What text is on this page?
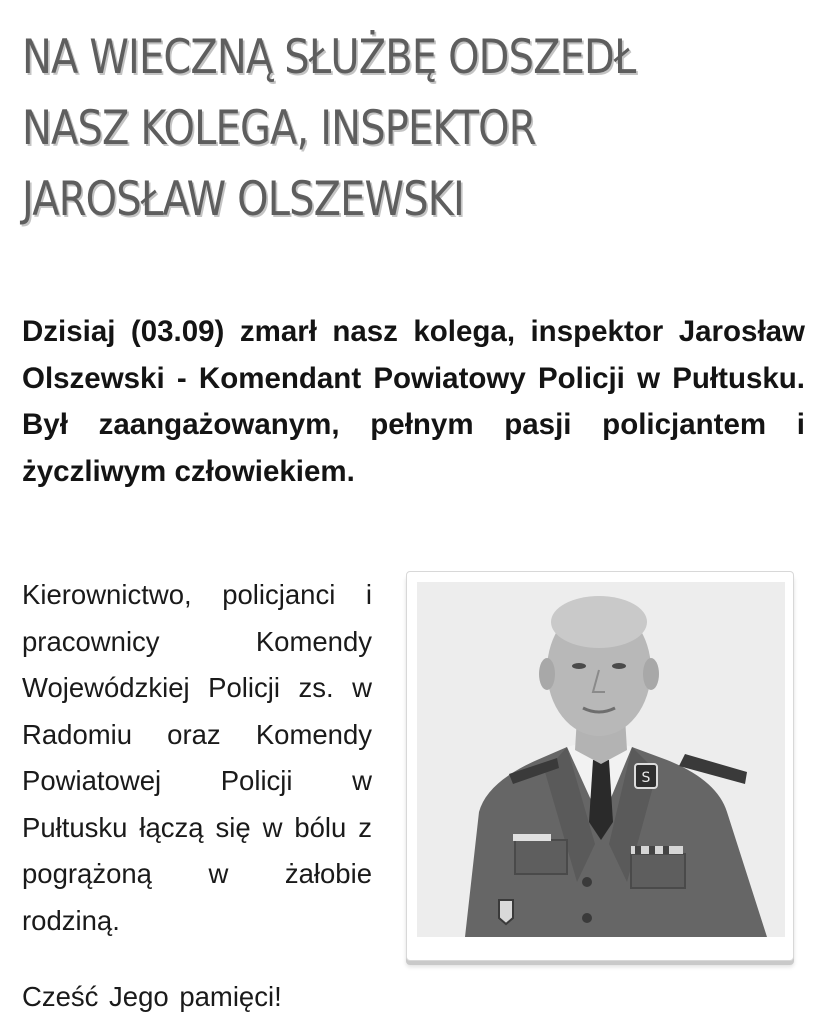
NA WIECZNĄ SŁUŻBĘ ODSZEDŁ
NASZ KOLEGA, INSPEKTOR
JAROSŁAW OLSZEWSKI

Dzisiaj (03.09) zmarł nasz kolega, inspektor Jarosław Olszewski - Komendant Powiatowy Policji w Pułtusku. Był zaangażowanym, pełnym pasji policjantem i życzliwym człowiekiem.

Kierownictwo, policjanci i pracownicy Komendy Wojewódzkiej Policji zs. w Radomiu oraz Komendy Powiatowej Policji w Pułtusku łączą się w bólu z pogrążoną w żałobie rodziną.

S

Cześć Jego pamięci!
